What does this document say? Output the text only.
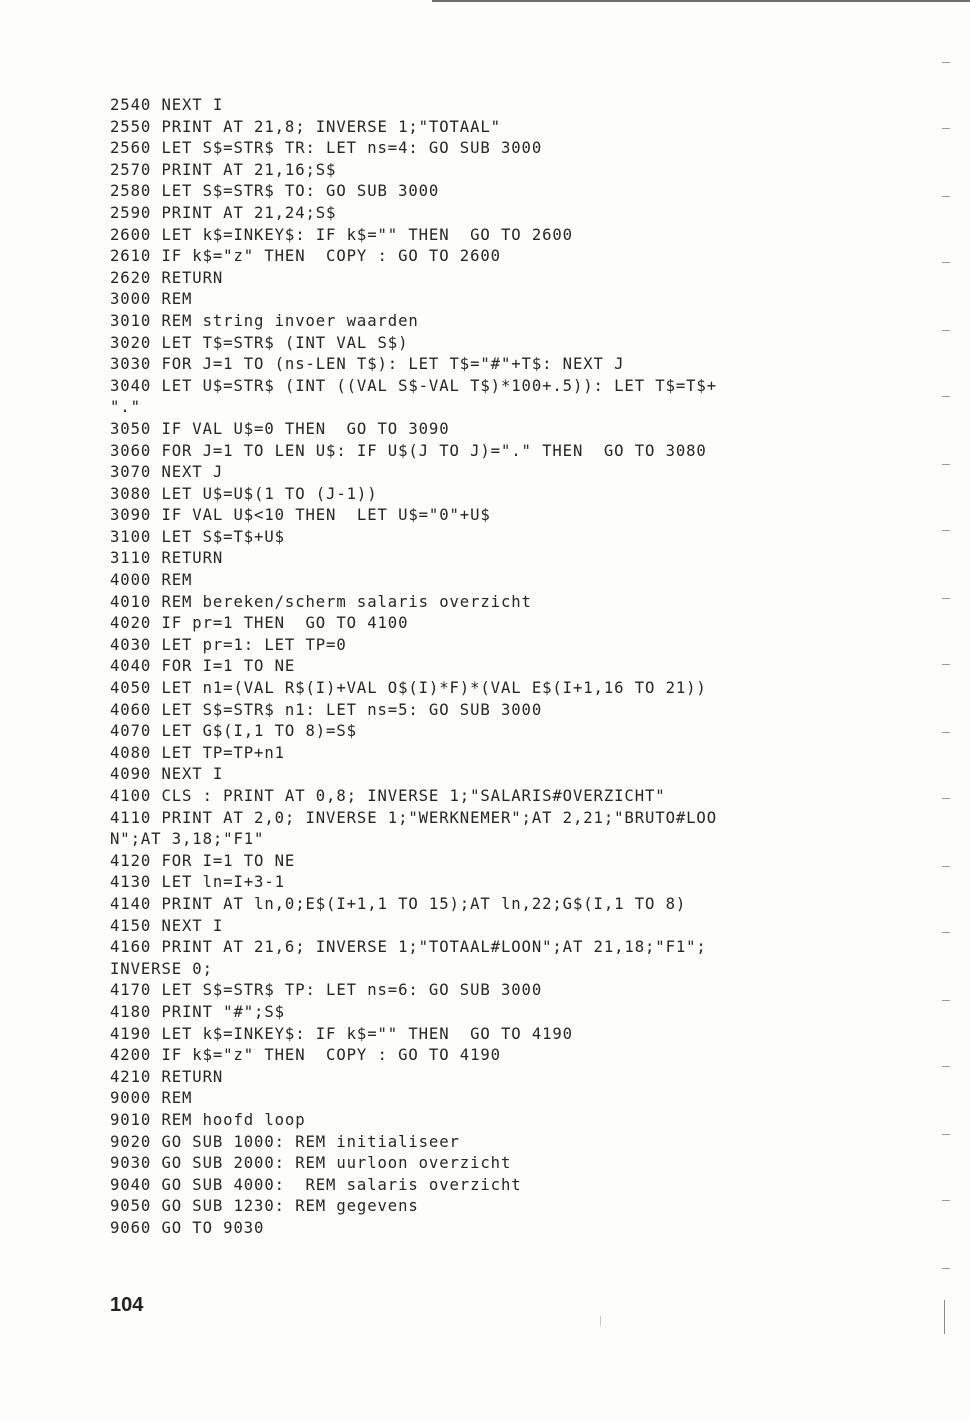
2540 NEXT I
2550 PRINT AT 21,8; INVERSE 1;"TOTAAL"
2560 LET S$=STR$ TR: LET ns=4: GO SUB 3000
2570 PRINT AT 21,16;S$
2580 LET S$=STR$ TO: GO SUB 3000
2590 PRINT AT 21,24;S$
2600 LET k$=INKEY$: IF k$="" THEN  GO TO 2600
2610 IF k$="z" THEN  COPY : GO TO 2600
2620 RETURN
3000 REM
3010 REM string invoer waarden
3020 LET T$=STR$ (INT VAL S$)
3030 FOR J=1 TO (ns-LEN T$): LET T$="#"+T$: NEXT J
3040 LET U$=STR$ (INT ((VAL S$-VAL T$)*100+.5)): LET T$=T$+
"."
3050 IF VAL U$=0 THEN  GO TO 3090
3060 FOR J=1 TO LEN U$: IF U$(J TO J)="." THEN  GO TO 3080
3070 NEXT J
3080 LET U$=U$(1 TO (J-1))
3090 IF VAL U$<10 THEN  LET U$="0"+U$
3100 LET S$=T$+U$
3110 RETURN
4000 REM
4010 REM bereken/scherm salaris overzicht
4020 IF pr=1 THEN  GO TO 4100
4030 LET pr=1: LET TP=0
4040 FOR I=1 TO NE
4050 LET n1=(VAL R$(I)+VAL O$(I)*F)*(VAL E$(I+1,16 TO 21))
4060 LET S$=STR$ n1: LET ns=5: GO SUB 3000
4070 LET G$(I,1 TO 8)=S$
4080 LET TP=TP+n1
4090 NEXT I
4100 CLS : PRINT AT 0,8; INVERSE 1;"SALARIS#OVERZICHT"
4110 PRINT AT 2,0; INVERSE 1;"WERKNEMER";AT 2,21;"BRUTO#LOO
N";AT 3,18;"F1"
4120 FOR I=1 TO NE
4130 LET ln=I+3-1
4140 PRINT AT ln,0;E$(I+1,1 TO 15);AT ln,22;G$(I,1 TO 8)
4150 NEXT I
4160 PRINT AT 21,6; INVERSE 1;"TOTAAL#LOON";AT 21,18;"F1";
INVERSE 0;
4170 LET S$=STR$ TP: LET ns=6: GO SUB 3000
4180 PRINT "#";S$
4190 LET k$=INKEY$: IF k$="" THEN  GO TO 4190
4200 IF k$="z" THEN  COPY : GO TO 4190
4210 RETURN
9000 REM
9010 REM hoofd loop
9020 GO SUB 1000: REM initialiseer
9030 GO SUB 2000: REM uurloon overzicht
9040 GO SUB 4000:  REM salaris overzicht
9050 GO SUB 1230: REM gegevens
9060 GO TO 9030
104
